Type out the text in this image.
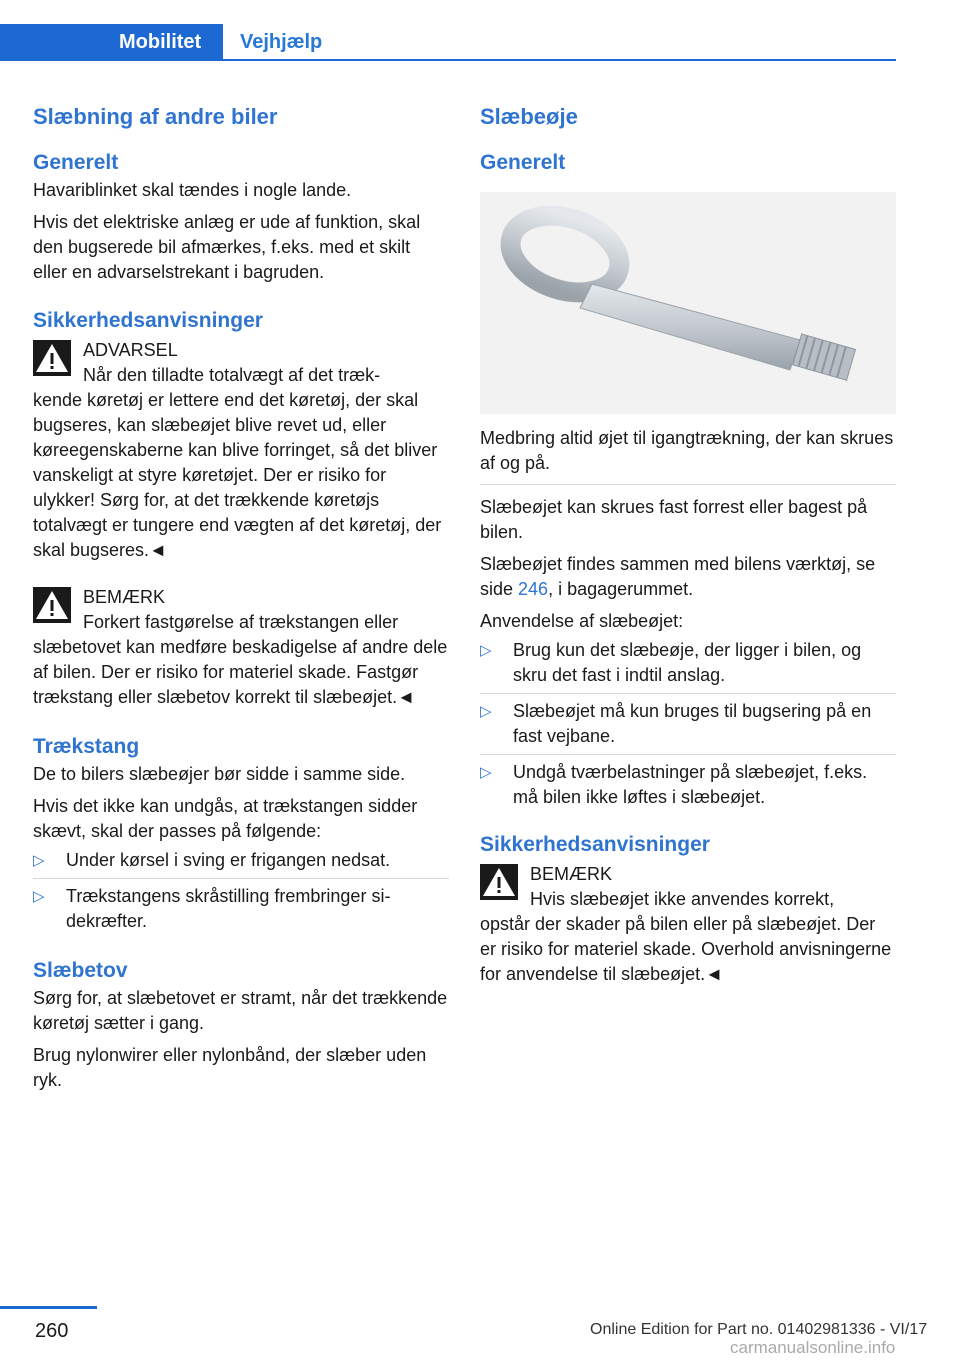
Mobilitet	Vejhjælp
Slæbning af andre biler
Generelt

Havariblinket skal tændes i nogle lande.

Hvis det elektriske anlæg er ude af funktion, skal den bugserede bil afmærkes, f.eks. med et skilt eller en advarselstrekant i bagruden.

Sikkerhedsanvisninger
ADVARSEL
Når den tilladte totalvægt af det træk-
kende køretøj er lettere end det køretøj, der skal bugseres, kan slæbeøjet blive revet ud, eller køreegenskaberne kan blive forringet, så det bliver vanskeligt at styre køretøjet. Der er risiko for ulykker! Sørg for, at det trækkende køretøjs totalvægt er tungere end vægten af det køretøj, der skal bugseres.◄
BEMÆRK
Forkert fastgørelse af trækstangen eller
slæbetovet kan medføre beskadigelse af andre dele af bilen. Der er risiko for materiel skade. Fastgør trækstang eller slæbetov korrekt til slæbeøjet.◄
Trækstang

De to bilers slæbeøjer bør sidde i samme side.

Hvis det ikke kan undgås, at trækstangen sidder skævt, skal der passes på følgende:

▷ Under kørsel i sving er frigangen nedsat.
▷ Trækstangens skråstilling frembringer sidekræfter.
Slæbetov

Sørg for, at slæbetovet er stramt, når det trækkende køretøj sætter i gang.

Brug nylonwirer eller nylonbånd, der slæber uden ryk.

Slæbeøje
Generelt

Medbring altid øjet til igangtrækning, der kan skrues af og på.

Slæbeøjet kan skrues fast forrest eller bagest på bilen.

Slæbeøjet findes sammen med bilens værktøj, se side 246, i bagagerummet.

Anvendelse af slæbeøjet:

▷ Brug kun det slæbeøje, der ligger i bilen, og skru det fast i indtil anslag.
▷ Slæbeøjet må kun bruges til bugsering på en fast vejbane.
▷ Undgå tværbelastninger på slæbeøjet, f.eks. må bilen ikke løftes i slæbeøjet.
Sikkerhedsanvisninger
BEMÆRK
Hvis slæbeøjet ikke anvendes korrekt,
opstår der skader på bilen eller på slæbeøjet. Der er risiko for materiel skade. Overhold anvisningerne for anvendelse til slæbeøjet.◄
260	Online Edition for Part no. 01402981336 - VI/17
carmanualsonline.info
